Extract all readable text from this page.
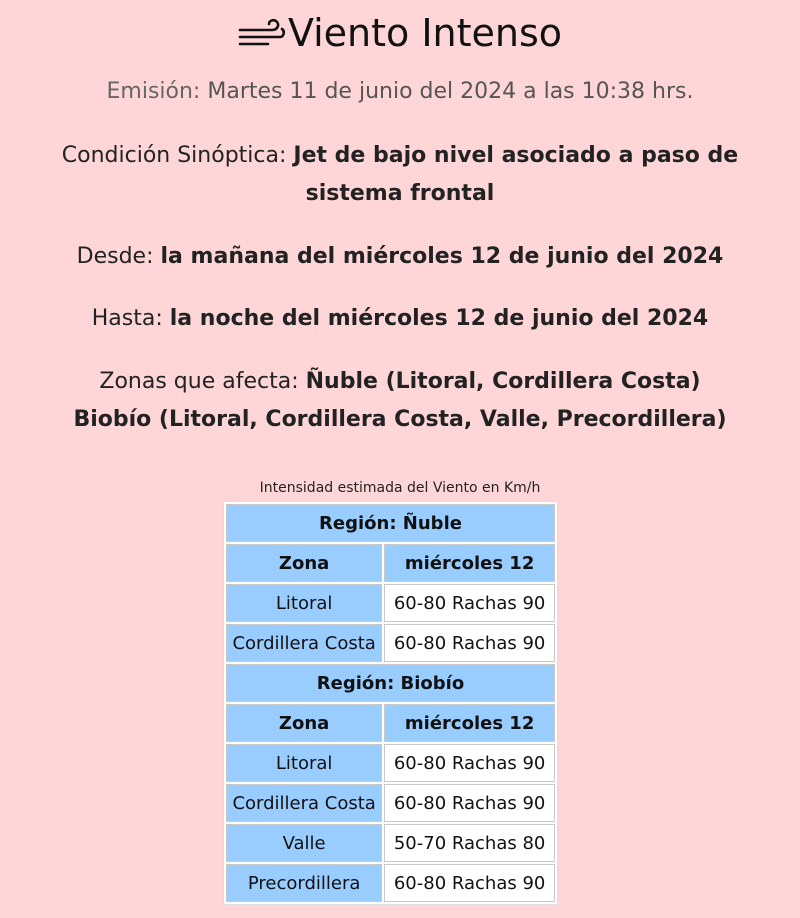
Viento Intenso
Emisión: Martes 11 de junio del 2024 a las 10:38 hrs.
Condición Sinóptica: Jet de bajo nivel asociado a paso de sistema frontal
Desde: la mañana del miércoles 12 de junio del 2024
Hasta: la noche del miércoles 12 de junio del 2024
Zonas que afecta: Ñuble (Litoral, Cordillera Costa)
Biobío (Litoral, Cordillera Costa, Valle, Precordillera)
Intensidad estimada del Viento en Km/h
Región: Ñuble	
Zona	miércoles 12
Litoral	60-80 Rachas 90
Cordillera Costa	60-80 Rachas 90
Región: Biobío	
Zona	miércoles 12
Litoral	60-80 Rachas 90
Cordillera Costa	60-80 Rachas 90
Valle	50-70 Rachas 80
Precordillera	60-80 Rachas 90
